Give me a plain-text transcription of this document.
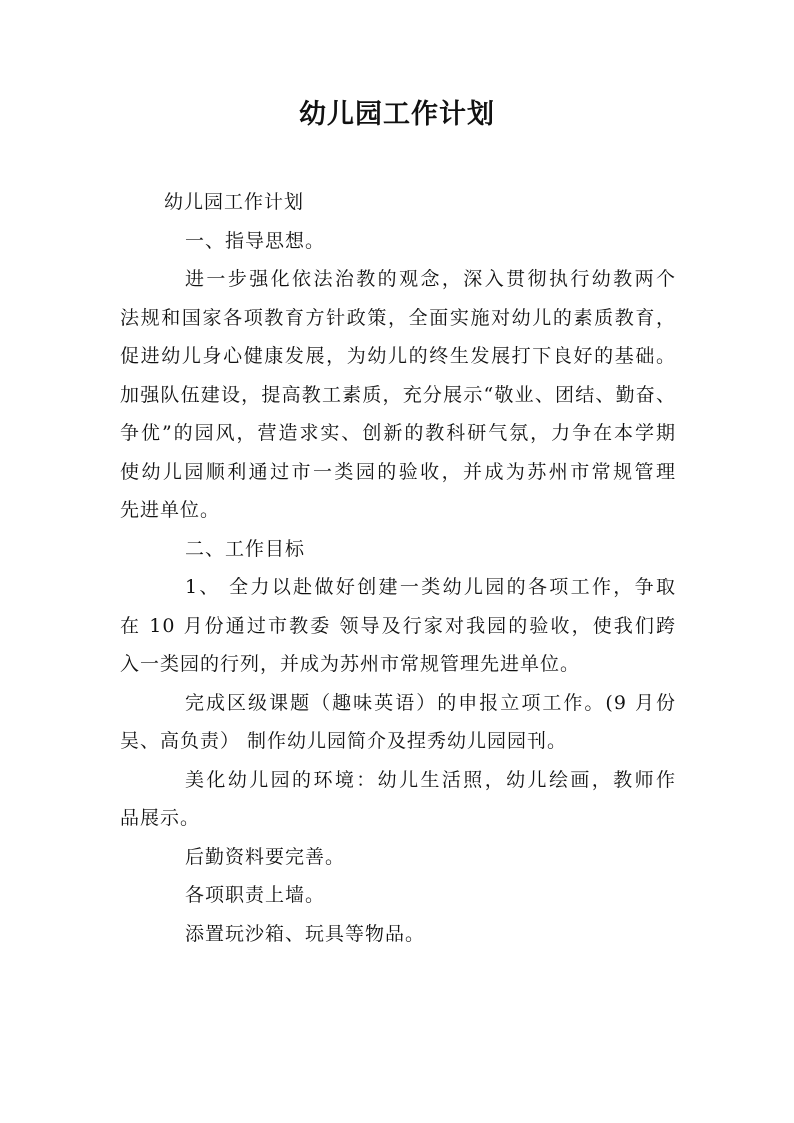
幼儿园工作计划
幼儿园工作计划
一、指导思想。
进一步强化依法治教的观念，深入贯彻执行幼教两个
法规和国家各项教育方针政策，全面实施对幼儿的素质教育，
促进幼儿身心健康发展，为幼儿的终生发展打下良好的基础。
加强队伍建设，提高教工素质，充分展示“敬业、团结、勤奋、
争优”的园风，营造求实、创新的教科研气氛，力争在本学期
使幼儿园顺利通过市一类园的验收，并成为苏州市常规管理
先进单位。
二、工作目标
1、 全力以赴做好创建一类幼儿园的各项工作，争取
在 10 月份通过市教委 领导及行家对我园的验收，使我们跨
入一类园的行列，并成为苏州市常规管理先进单位。
完成区级课题（趣味英语）的申报立项工作。(9 月份
吴、高负责） 制作幼儿园简介及捏秀幼儿园园刊。
美化幼儿园的环境：幼儿生活照，幼儿绘画，教师作
品展示。
后勤资料要完善。
各项职责上墙。
添置玩沙箱、玩具等物品。
